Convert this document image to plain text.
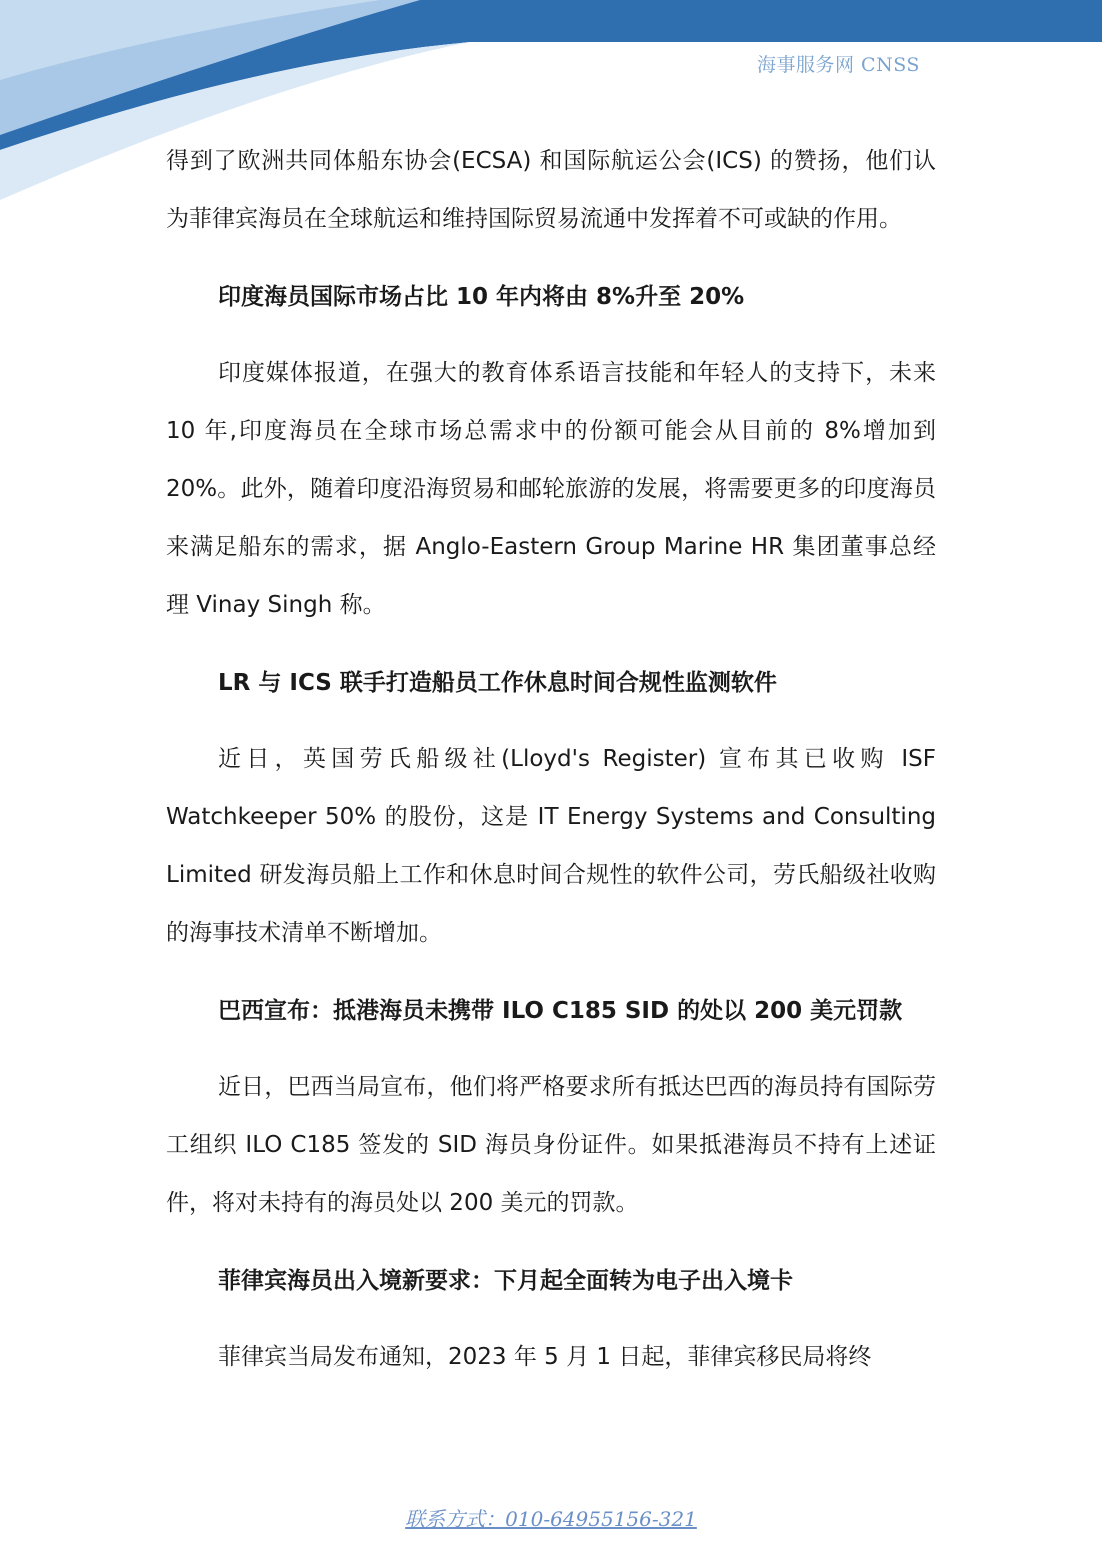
海事服务网 CNSS

得到了欧洲共同体船东协会(ECSA) 和国际航运公会(ICS) 的赞扬，他们认为菲律宾海员在全球航运和维持国际贸易流通中发挥着不可或缺的作用。

印度海员国际市场占比 10 年内将由 8%升至 20%

印度媒体报道，在强大的教育体系语言技能和年轻人的支持下，未来 10 年,印度海员在全球市场总需求中的份额可能会从目前的 8%增加到 20%。此外，随着印度沿海贸易和邮轮旅游的发展，将需要更多的印度海员来满足船东的需求，据 Anglo-Eastern Group Marine HR 集团董事总经理 Vinay Singh 称。

LR 与 ICS 联手打造船员工作休息时间合规性监测软件

近日，英国劳氏船级社(Lloyd's Register) 宣布其已收购 ISF Watchkeeper 50% 的股份，这是 IT Energy Systems and Consulting Limited 研发海员船上工作和休息时间合规性的软件公司，劳氏船级社收购的海事技术清单不断增加。

巴西宣布：抵港海员未携带 ILO C185 SID 的处以 200 美元罚款

近日，巴西当局宣布，他们将严格要求所有抵达巴西的海员持有国际劳工组织 ILO C185 签发的 SID 海员身份证件。如果抵港海员不持有上述证件，将对未持有的海员处以 200 美元的罚款。

菲律宾海员出入境新要求：下月起全面转为电子出入境卡

菲律宾当局发布通知，2023 年 5 月 1 日起，菲律宾移民局将终

联系方式：010-64955156-321
